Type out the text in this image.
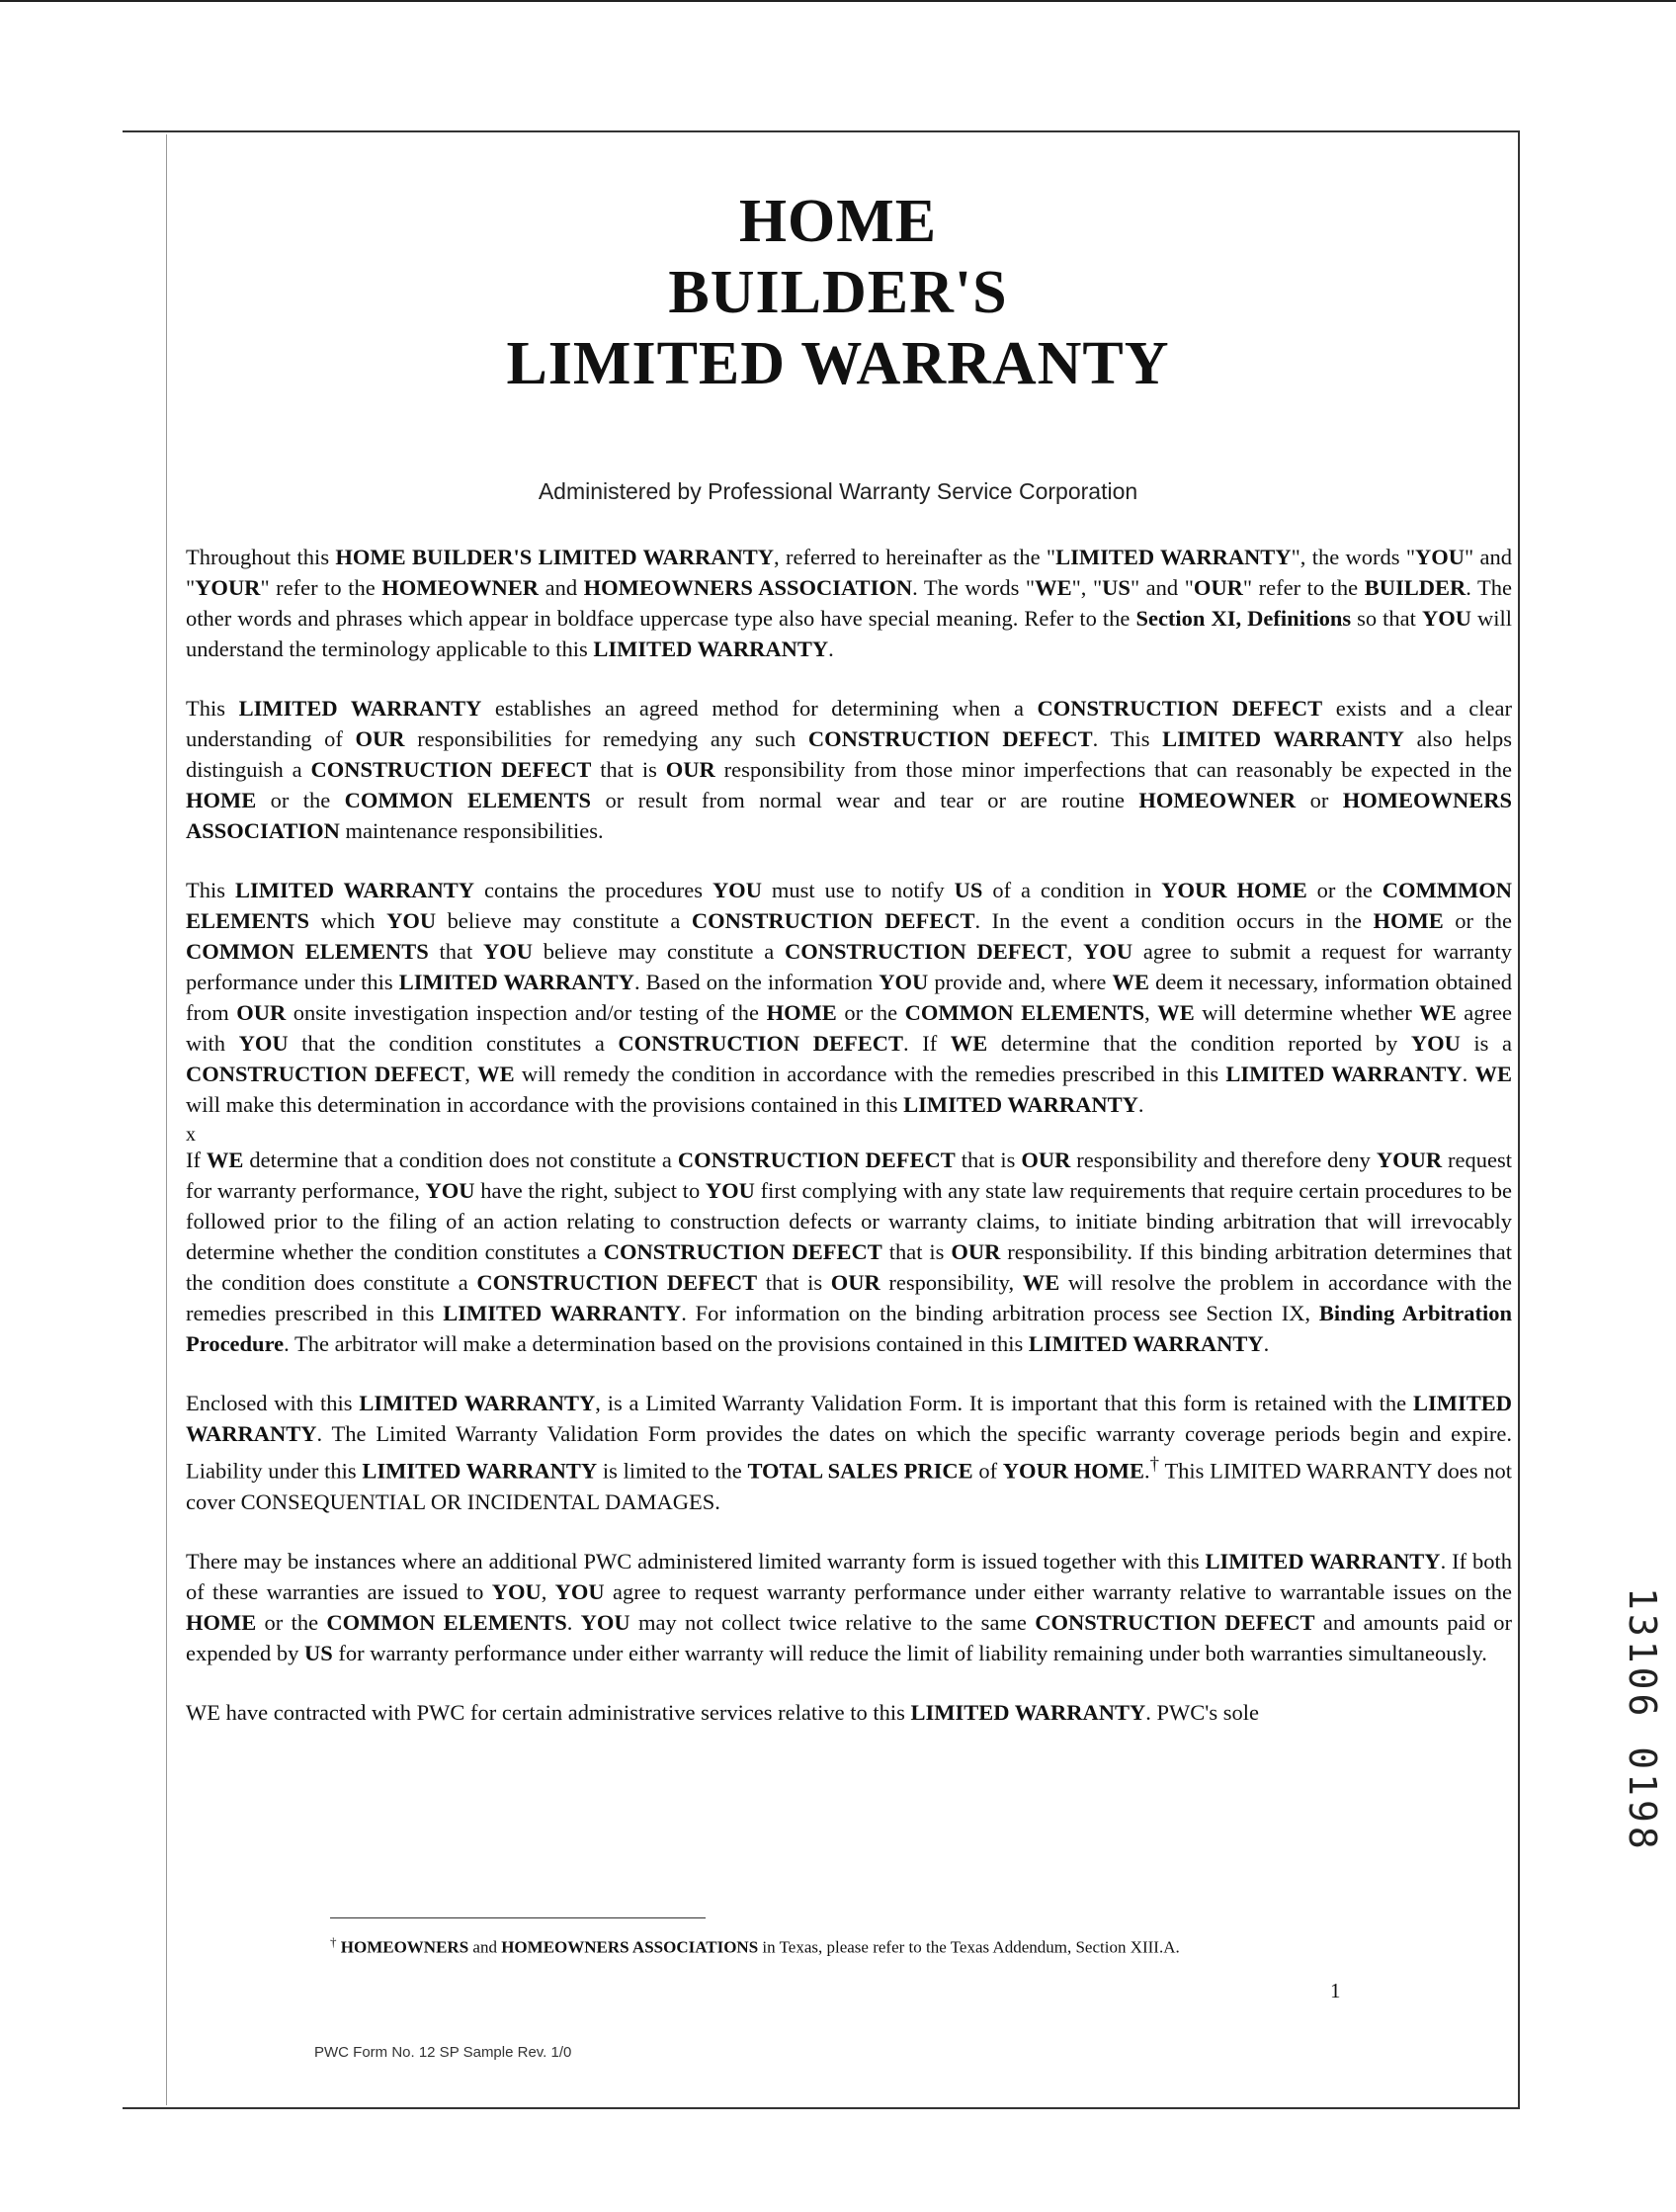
HOME
BUILDER'S
LIMITED WARRANTY
Administered by Professional Warranty Service Corporation

Throughout this HOME BUILDER'S LIMITED WARRANTY, referred to hereinafter as the "LIMITED WARRANTY", the words "YOU" and "YOUR" refer to the HOMEOWNER and HOMEOWNERS ASSOCIATION. The words "WE", "US" and "OUR" refer to the BUILDER. The other words and phrases which appear in boldface uppercase type also have special meaning. Refer to the Section XI, Definitions so that YOU will understand the terminology applicable to this LIMITED WARRANTY.

This LIMITED WARRANTY establishes an agreed method for determining when a CONSTRUCTION DEFECT exists and a clear understanding of OUR responsibilities for remedying any such CONSTRUCTION DEFECT. This LIMITED WARRANTY also helps distinguish a CONSTRUCTION DEFECT that is OUR responsibility from those minor imperfections that can reasonably be expected in the HOME or the COMMON ELEMENTS or result from normal wear and tear or are routine HOMEOWNER or HOMEOWNERS ASSOCIATION maintenance responsibilities.

This LIMITED WARRANTY contains the procedures YOU must use to notify US of a condition in YOUR HOME or the COMMMON ELEMENTS which YOU believe may constitute a CONSTRUCTION DEFECT. In the event a condition occurs in the HOME or the COMMON ELEMENTS that YOU believe may constitute a CONSTRUCTION DEFECT, YOU agree to submit a request for warranty performance under this LIMITED WARRANTY. Based on the information YOU provide and, where WE deem it necessary, information obtained from OUR onsite investigation inspection and/or testing of the HOME or the COMMON ELEMENTS, WE will determine whether WE agree with YOU that the condition constitutes a CONSTRUCTION DEFECT. If WE determine that the condition reported by YOU is a CONSTRUCTION DEFECT, WE will remedy the condition in accordance with the remedies prescribed in this LIMITED WARRANTY. WE will make this determination in accordance with the provisions contained in this LIMITED WARRANTY.

x

If WE determine that a condition does not constitute a CONSTRUCTION DEFECT that is OUR responsibility and therefore deny YOUR request for warranty performance, YOU have the right, subject to YOU first complying with any state law requirements that require certain procedures to be followed prior to the filing of an action relating to construction defects or warranty claims, to initiate binding arbitration that will irrevocably determine whether the condition constitutes a CONSTRUCTION DEFECT that is OUR responsibility. If this binding arbitration determines that the condition does constitute a CONSTRUCTION DEFECT that is OUR responsibility, WE will resolve the problem in accordance with the remedies prescribed in this LIMITED WARRANTY. For information on the binding arbitration process see Section IX, Binding Arbitration Procedure. The arbitrator will make a determination based on the provisions contained in this LIMITED WARRANTY.

Enclosed with this LIMITED WARRANTY, is a Limited Warranty Validation Form. It is important that this form is retained with the LIMITED WARRANTY. The Limited Warranty Validation Form provides the dates on which the specific warranty coverage periods begin and expire. Liability under this LIMITED WARRANTY is limited to the TOTAL SALES PRICE of YOUR HOME.† This LIMITED WARRANTY does not cover CONSEQUENTIAL OR INCIDENTAL DAMAGES.

There may be instances where an additional PWC administered limited warranty form is issued together with this LIMITED WARRANTY. If both of these warranties are issued to YOU, YOU agree to request warranty performance under either warranty relative to warrantable issues on the HOME or the COMMON ELEMENTS. YOU may not collect twice relative to the same CONSTRUCTION DEFECT and amounts paid or expended by US for warranty performance under either warranty will reduce the limit of liability remaining under both warranties simultaneously.

WE have contracted with PWC for certain administrative services relative to this LIMITED WARRANTY. PWC's sole

† HOMEOWNERS and HOMEOWNERS ASSOCIATIONS in Texas, please refer to the Texas Addendum, Section XIII.A.
1
PWC Form No. 12 SP Sample Rev. 1/0
13106 0198
